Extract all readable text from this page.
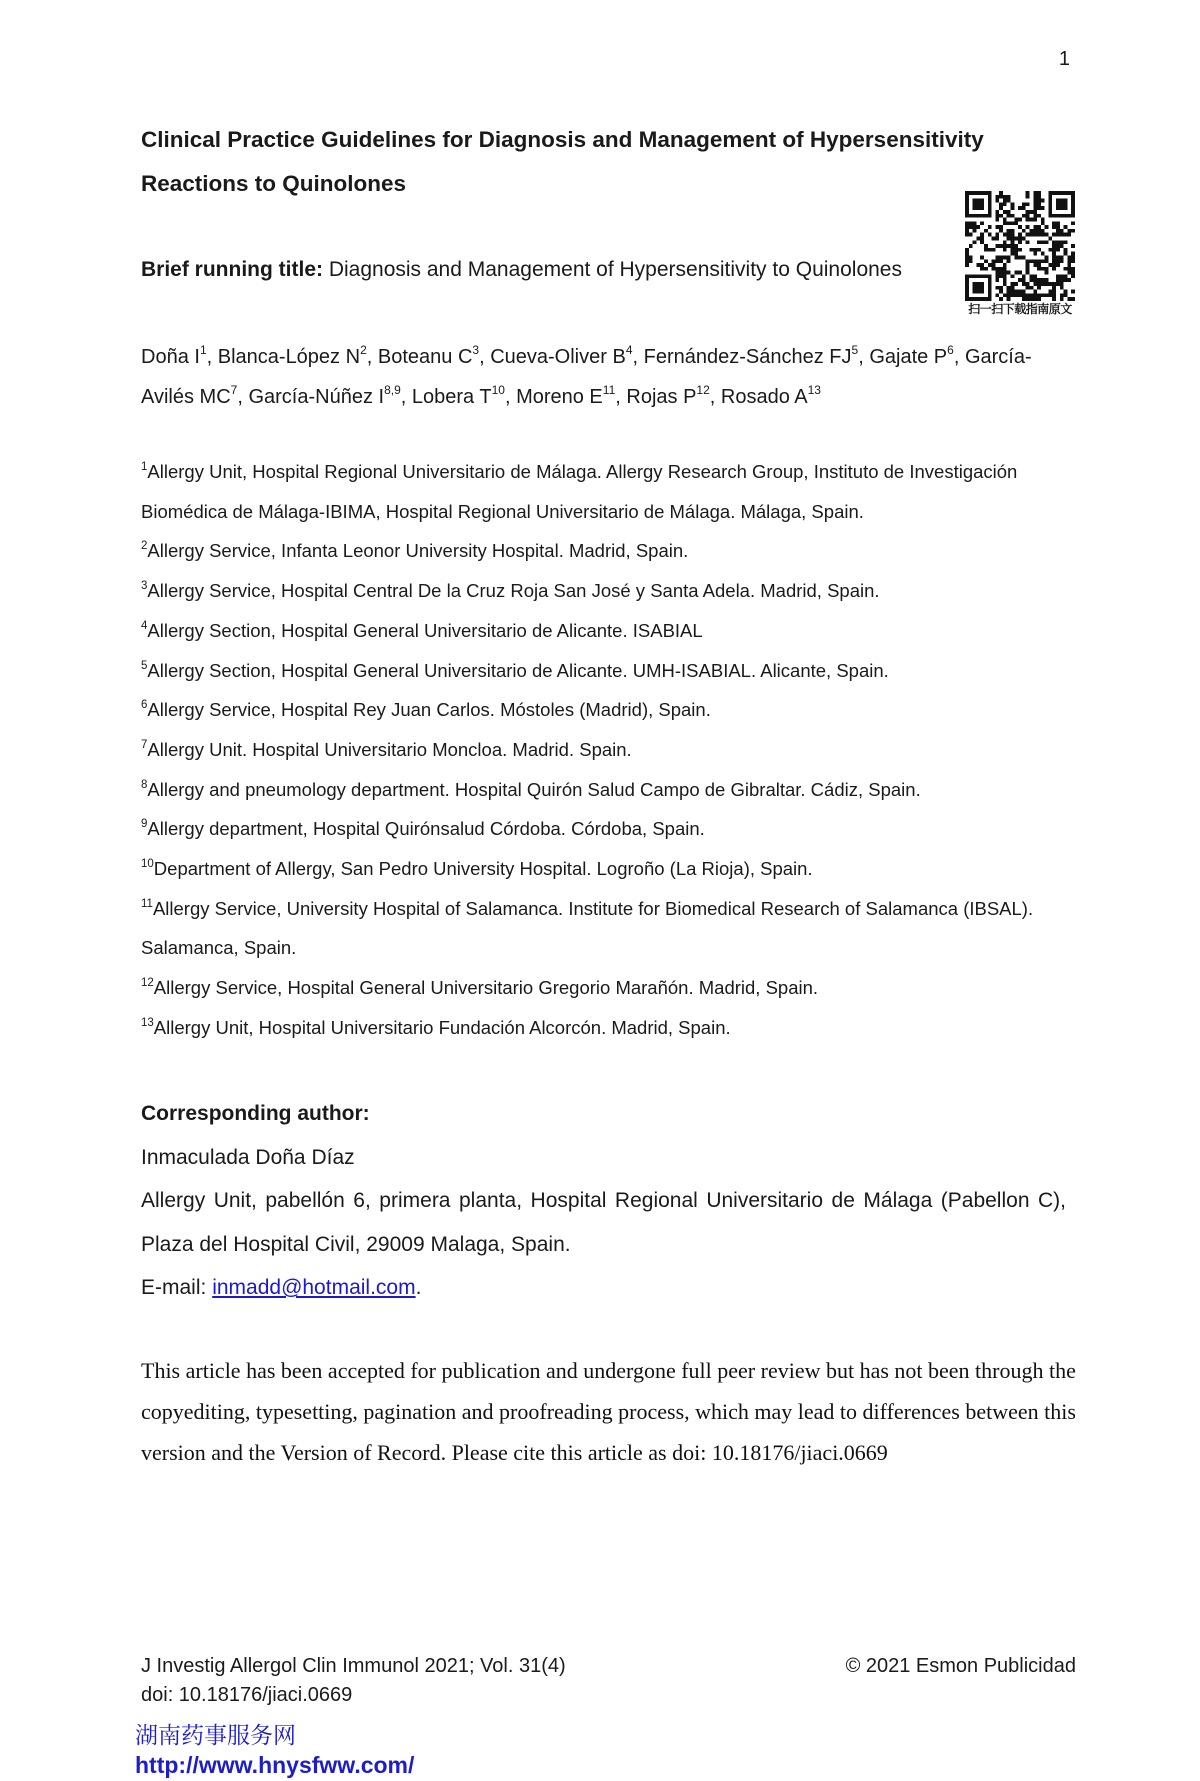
1
Clinical Practice Guidelines for Diagnosis and Management of Hypersensitivity Reactions to Quinolones
扫一扫下载指南原文
Brief running title: Diagnosis and Management of Hypersensitivity to Quinolones
Doña $I^1$, Blanca-López $N^2$, Boteanu $C^3$, Cueva-Oliver $B^4$, Fernández-Sánchez $FJ^5$, Gajate $P^6$, García-Avilés $MC^7$, García-Núñez I$^{8,9}$, Lobera $T^{10}$, Moreno $E^{11}$, Rojas $P^{12}$, Rosado $A^{13}$
$^1$Allergy Unit, Hospital Regional Universitario de Málaga. Allergy Research Group, Instituto de Investigación Biomédica de Málaga-IBIMA, Hospital Regional Universitario de Málaga. Málaga, Spain.
$^2$Allergy Service, Infanta Leonor University Hospital. Madrid, Spain.
$^3$Allergy Service, Hospital Central De la Cruz Roja San José y Santa Adela. Madrid, Spain.
$^4$Allergy Section, Hospital General Universitario de Alicante. ISABIAL
$^5$Allergy Section, Hospital General Universitario de Alicante. UMH-ISABIAL. Alicante, Spain.
$^6$Allergy Service, Hospital Rey Juan Carlos. Móstoles (Madrid), Spain.
$^7$Allergy Unit. Hospital Universitario Moncloa. Madrid. Spain.
$^8$Allergy and pneumology department. Hospital Quirón Salud Campo de Gibraltar. Cádiz, Spain.
$^9$Allergy department, Hospital Quirónsalud Córdoba. Córdoba, Spain.
$^{10}$Department of Allergy, San Pedro University Hospital. Logroño (La Rioja), Spain.
$^{11}$Allergy Service, University Hospital of Salamanca. Institute for Biomedical Research of Salamanca (IBSAL). Salamanca, Spain.
$^{12}$Allergy Service, Hospital General Universitario Gregorio Marañón. Madrid, Spain.
$^{13}$Allergy Unit, Hospital Universitario Fundación Alcorcón. Madrid, Spain.
Corresponding author:
Inmaculada Doña Díaz
Allergy Unit, pabellón 6, primera planta, Hospital Regional Universitario de Málaga (Pabellon C), Plaza del Hospital Civil, 29009 Malaga, Spain.
E-mail: inmadd@hotmail.com.
This article has been accepted for publication and undergone full peer review but has not been through the copyediting, typesetting, pagination and proofreading process, which may lead to differences between this version and the Version of Record. Please cite this article as doi: 10.18176/jiaci.0669
J Investig Allergol Clin Immunol 2021; Vol. 31(4)
doi: 10.18176/jiaci.0669
© 2021 Esmon Publicidad
湖南药事服务网
http://www.hnysfww.com/
